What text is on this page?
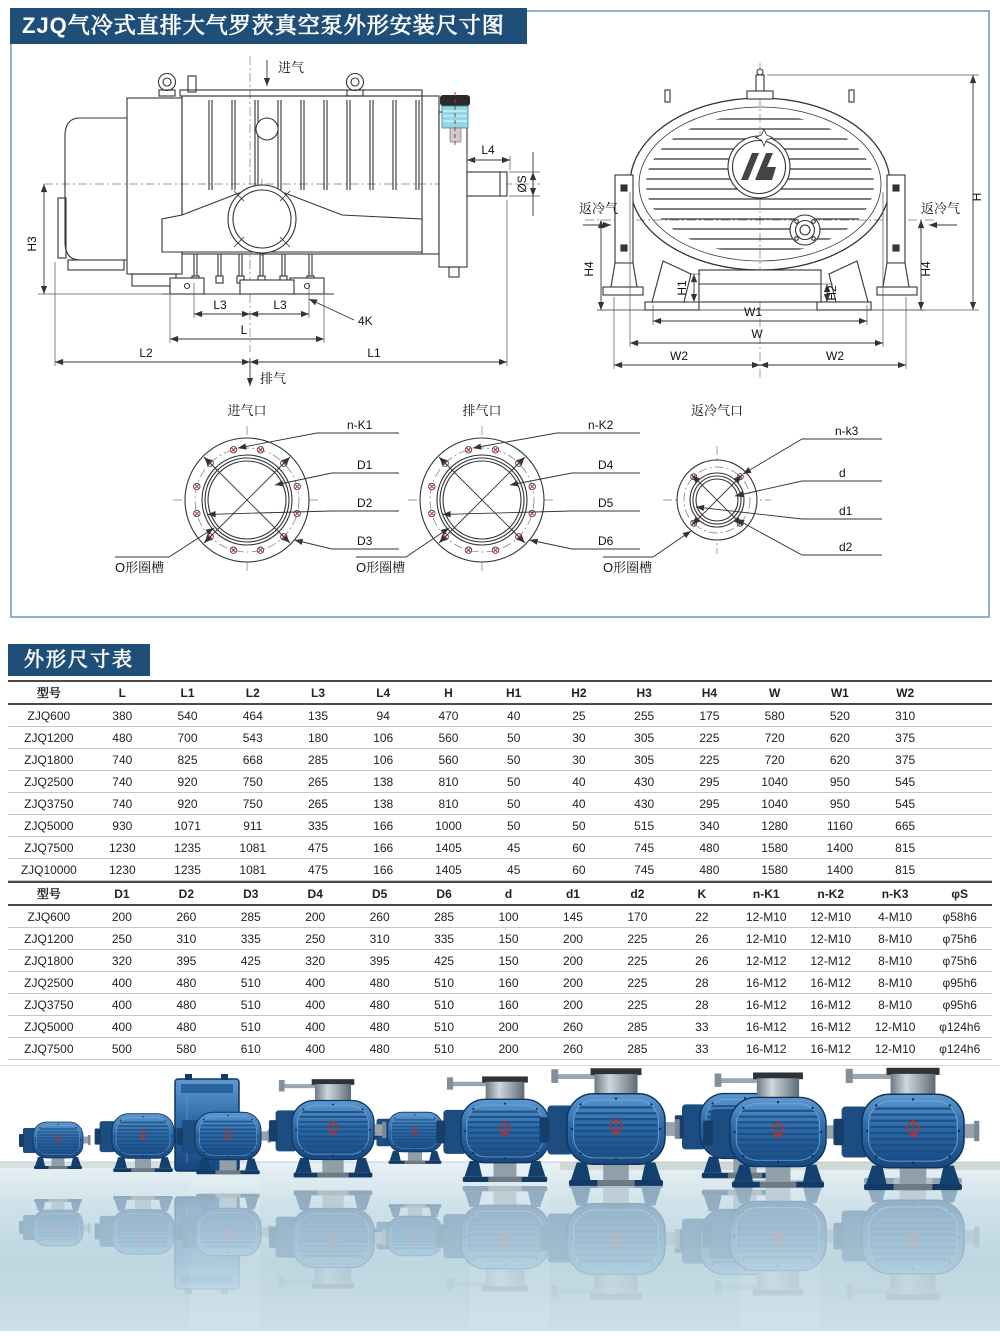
ZJQ气冷式直排大气罗茨真空泵外形安装尺寸图
进气
排气
H3
L3	L3
L
L2	L1
4K
L4
ØS
返冷气	返冷气
H
H4	H4
H1	H2
W1
W
W2	W2
进气口
n-K1
D1
D2
D3
O形圈槽
排气口
n-K2
D4
D5
D6
O形圈槽
返冷气口
n-k3
d
d1
d2
O形圈槽
外形尺寸表
型号	L	L1	L2	L3	L4	H	H1	H2	H3	H4	W	W1	W2	
ZJQ600	380	540	464	135	94	470	40	25	255	175	580	520	310	
ZJQ1200	480	700	543	180	106	560	50	30	305	225	720	620	375	
ZJQ1800	740	825	668	285	106	560	50	30	305	225	720	620	375	
ZJQ2500	740	920	750	265	138	810	50	40	430	295	1040	950	545	
ZJQ3750	740	920	750	265	138	810	50	40	430	295	1040	950	545	
ZJQ5000	930	1071	911	335	166	1000	50	50	515	340	1280	1160	665	
ZJQ7500	1230	1235	1081	475	166	1405	45	60	745	480	1580	1400	815	
ZJQ10000	1230	1235	1081	475	166	1405	45	60	745	480	1580	1400	815	
型号	D1	D2	D3	D4	D5	D6	d	d1	d2	K	n-K1	n-K2	n-K3	φS
ZJQ600	200	260	285	200	260	285	100	145	170	22	12-M10	12-M10	4-M10	φ58h6
ZJQ1200	250	310	335	250	310	335	150	200	225	26	12-M10	12-M10	8-M10	φ75h6
ZJQ1800	320	395	425	320	395	425	150	200	225	26	12-M12	12-M12	8-M10	φ75h6
ZJQ2500	400	480	510	400	480	510	160	200	225	28	16-M12	16-M12	8-M10	φ95h6
ZJQ3750	400	480	510	400	480	510	160	200	225	28	16-M12	16-M12	8-M10	φ95h6
ZJQ5000	400	480	510	400	480	510	200	260	285	33	16-M12	16-M12	12-M10	φ124h6
ZJQ7500	500	580	610	400	480	510	200	260	285	33	16-M12	16-M12	12-M10	φ124h6
